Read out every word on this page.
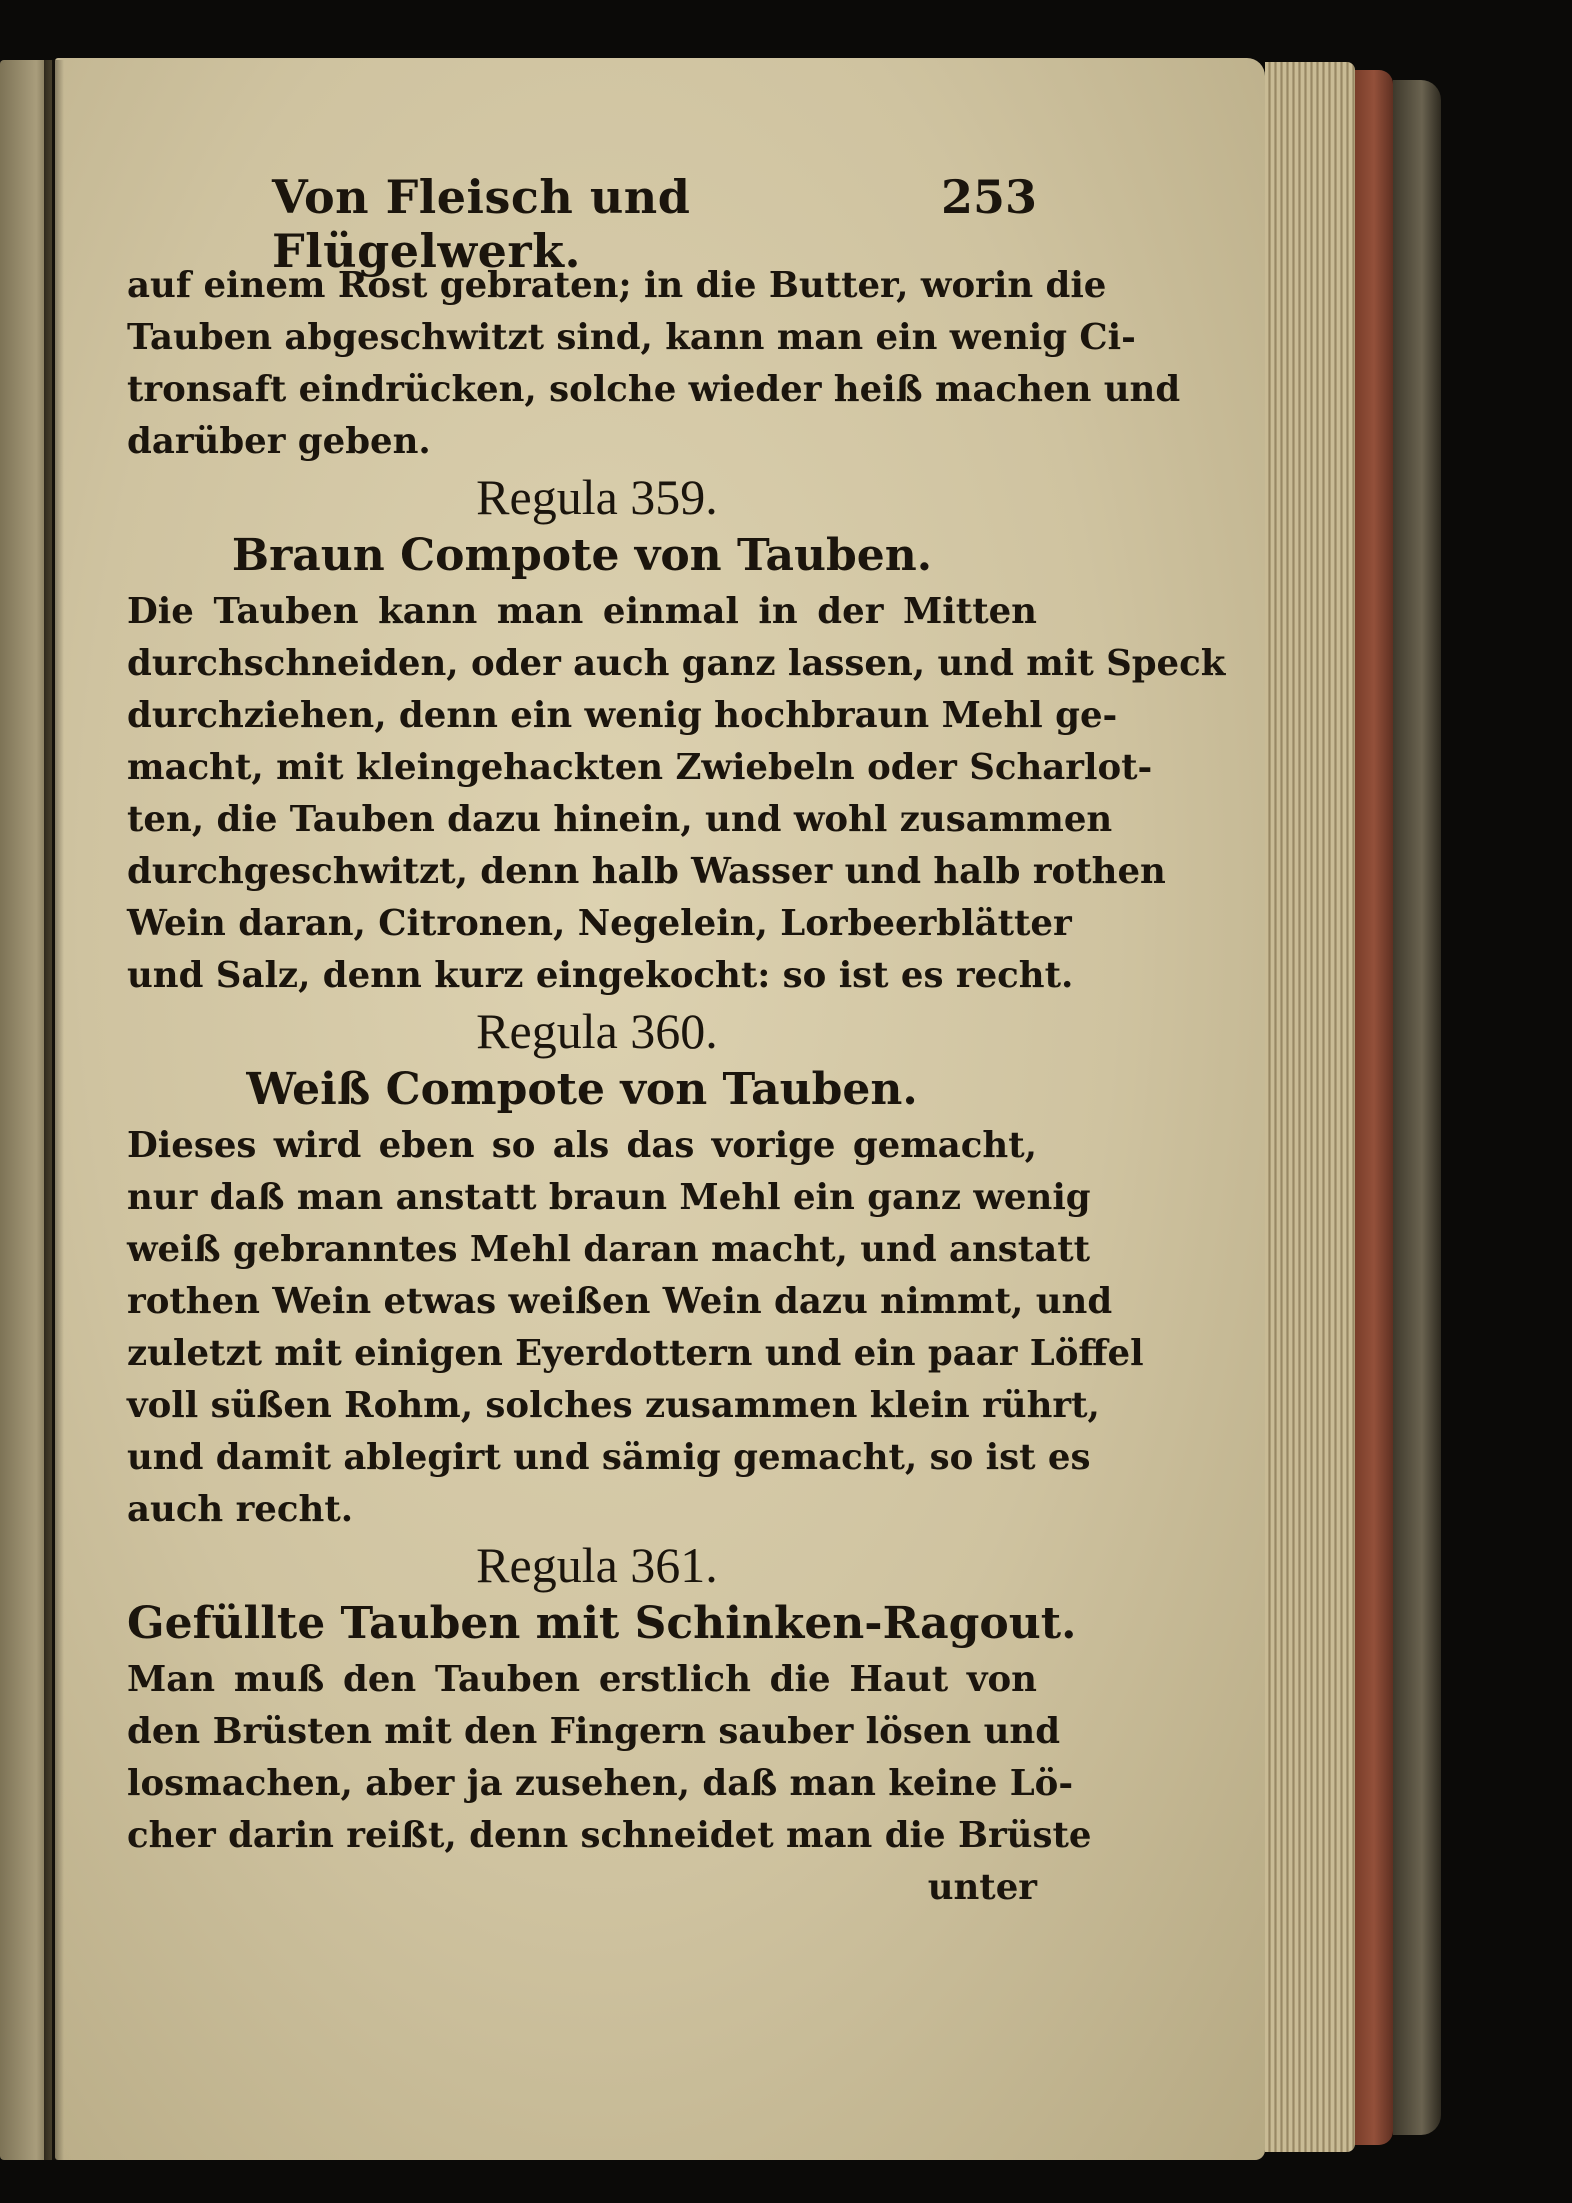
Von Fleisch und Flügelwerk.
253
auf einem Rost gebraten; in die Butter, worin die
Tauben abgeschwitzt sind, kann man ein wenig Ci-
tronsaft eindrücken, solche wieder heiß machen und
darüber geben.
Regula 359.
Braun Compote von Tauben.
Die Tauben kann man einmal in der Mitten
durchschneiden, oder auch ganz lassen, und mit Speck
durchziehen, denn ein wenig hochbraun Mehl ge-
macht, mit kleingehackten Zwiebeln oder Scharlot-
ten, die Tauben dazu hinein, und wohl zusammen
durchgeschwitzt, denn halb Wasser und halb rothen
Wein daran, Citronen, Negelein, Lorbeerblätter
und Salz, denn kurz eingekocht: so ist es recht.
Regula 360.
Weiß Compote von Tauben.
Dieses wird eben so als das vorige gemacht,
nur daß man anstatt braun Mehl ein ganz wenig
weiß gebranntes Mehl daran macht, und anstatt
rothen Wein etwas weißen Wein dazu nimmt, und
zuletzt mit einigen Eyerdottern und ein paar Löffel
voll süßen Rohm, solches zusammen klein rührt,
und damit ablegirt und sämig gemacht, so ist es
auch recht.
Regula 361.
Gefüllte Tauben mit Schinken-Ragout.
Man muß den Tauben erstlich die Haut von
den Brüsten mit den Fingern sauber lösen und
losmachen, aber ja zusehen, daß man keine Lö-
cher darin reißt, denn schneidet man die Brüste
unter
